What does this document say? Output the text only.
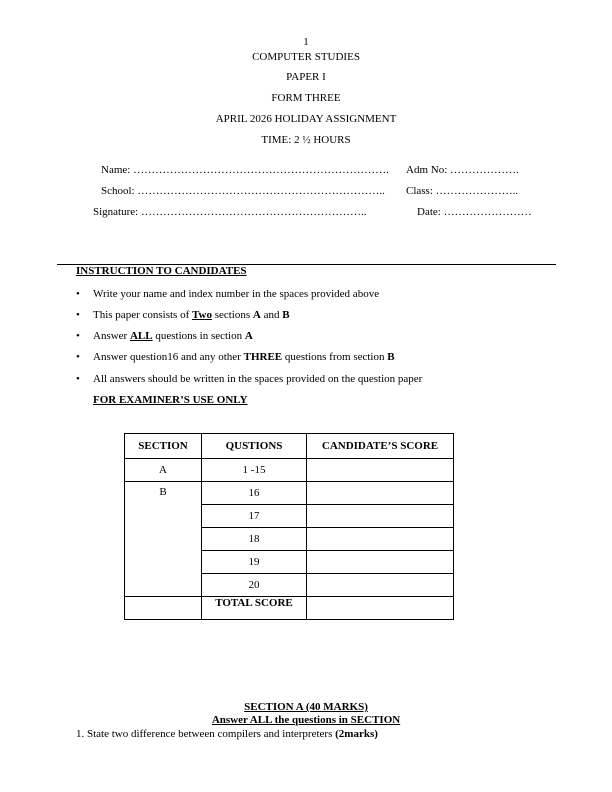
1
COMPUTER STUDIES
PAPER I
FORM THREE
APRIL 2026 HOLIDAY ASSIGNMENT
TIME: 2 ½ HOURS
Name: ……………………………………………………………. Adm No: ……………….
School: ………………………………………………………….. Class: …………………..
Signature: ……………………………………………………..	Date: ……………………
INSTRUCTION TO CANDIDATES
• Write your name and index number in the spaces provided above
• This paper consists of Two sections A and B
• Answer ALL questions in section A
• Answer question16 and any other THREE questions from section B
• All answers should be written in the spaces provided on the question paper
FOR EXAMINER’S USE ONLY
SECTION	QUSTIONS	CANDIDATE’S SCORE
A	1 -15	
B	16	
	17	
	18	
	19	
	20	
	TOTAL SCORE	
SECTION A (40 MARKS)
Answer ALL the questions in SECTION
1. State two difference between compilers and interpreters (2marks)
